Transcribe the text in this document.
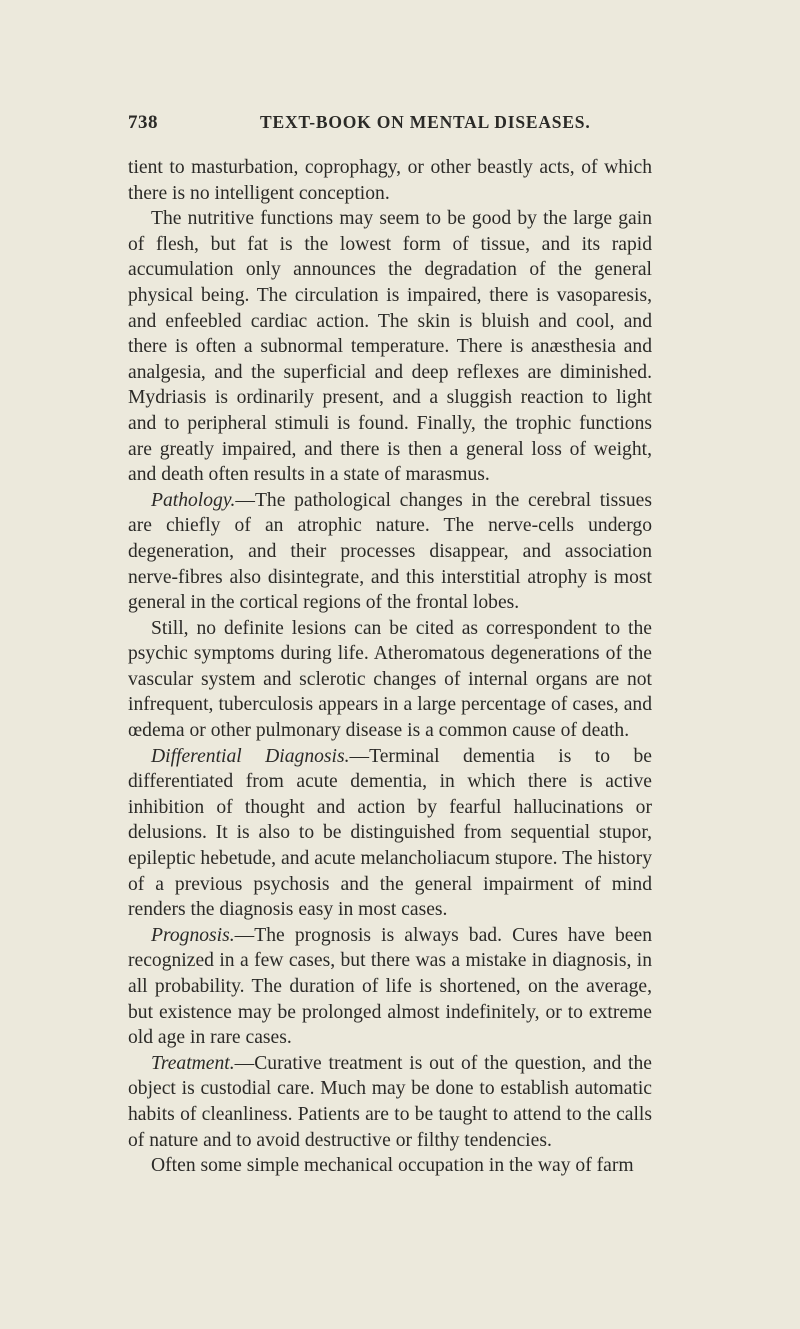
738	TEXT-BOOK ON MENTAL DISEASES.

tient to masturbation, coprophagy, or other beastly acts, of which there is no intelligent conception.

The nutritive functions may seem to be good by the large gain of flesh, but fat is the lowest form of tissue, and its rapid accumulation only announces the degradation of the general physical being. The circulation is impaired, there is vasoparesis, and enfeebled cardiac action. The skin is bluish and cool, and there is often a subnormal temperature. There is anæsthesia and analgesia, and the superficial and deep reflexes are diminished. Mydriasis is ordinarily present, and a sluggish reaction to light and to peripheral stimuli is found. Finally, the trophic functions are greatly impaired, and there is then a general loss of weight, and death often results in a state of marasmus.

Pathology.—The pathological changes in the cerebral tissues are chiefly of an atrophic nature. The nerve-cells undergo degeneration, and their processes disappear, and association nerve-fibres also disintegrate, and this interstitial atrophy is most general in the cortical regions of the frontal lobes.

Still, no definite lesions can be cited as correspondent to the psychic symptoms during life. Atheromatous degenerations of the vascular system and sclerotic changes of internal organs are not infrequent, tuberculosis appears in a large percentage of cases, and œdema or other pulmonary disease is a common cause of death.

Differential Diagnosis.—Terminal dementia is to be differentiated from acute dementia, in which there is active inhibition of thought and action by fearful hallucinations or delusions. It is also to be distinguished from sequential stupor, epileptic hebetude, and acute melancholiacum stupore. The history of a previous psychosis and the general impairment of mind renders the diagnosis easy in most cases.

Prognosis.—The prognosis is always bad. Cures have been recognized in a few cases, but there was a mistake in diagnosis, in all probability. The duration of life is shortened, on the average, but existence may be prolonged almost indefinitely, or to extreme old age in rare cases.

Treatment.—Curative treatment is out of the question, and the object is custodial care. Much may be done to establish automatic habits of cleanliness. Patients are to be taught to attend to the calls of nature and to avoid destructive or filthy tendencies.

Often some simple mechanical occupation in the way of farm
